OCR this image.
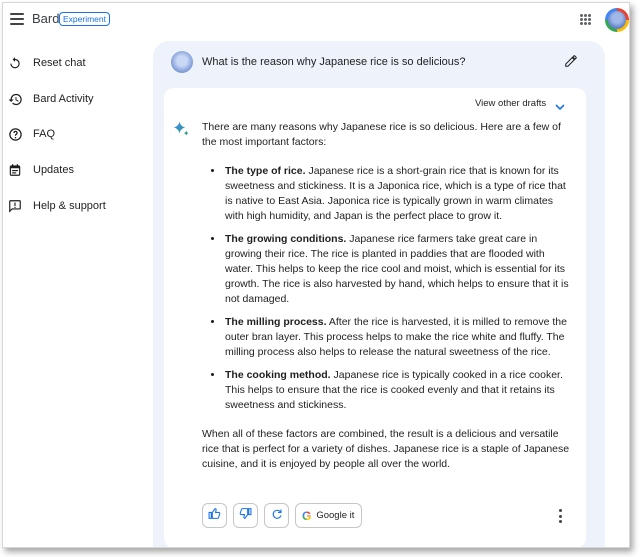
Bard Experiment
Reset chat
Bard Activity
FAQ
Updates
Help & support
What is the reason why Japanese rice is so delicious?
View other drafts

There are many reasons why Japanese rice is so delicious. Here are a few of the most important factors:

• The type of rice. Japanese rice is a short-grain rice that is known for its sweetness and stickiness. It is a Japonica rice, which is a type of rice that is native to East Asia. Japonica rice is typically grown in warm climates with high humidity, and Japan is the perfect place to grow it.
• The growing conditions. Japanese rice farmers take great care in growing their rice. The rice is planted in paddies that are flooded with water. This helps to keep the rice cool and moist, which is essential for its growth. The rice is also harvested by hand, which helps to ensure that it is not damaged.
• The milling process. After the rice is harvested, it is milled to remove the outer bran layer. This process helps to make the rice white and fluffy. The milling process also helps to release the natural sweetness of the rice.
• The cooking method. Japanese rice is typically cooked in a rice cooker. This helps to ensure that the rice is cooked evenly and that it retains its sweetness and stickiness.

When all of these factors are combined, the result is a delicious and versatile rice that is perfect for a variety of dishes. Japanese rice is a staple of Japanese cuisine, and it is enjoyed by people all over the world.

G Google it
